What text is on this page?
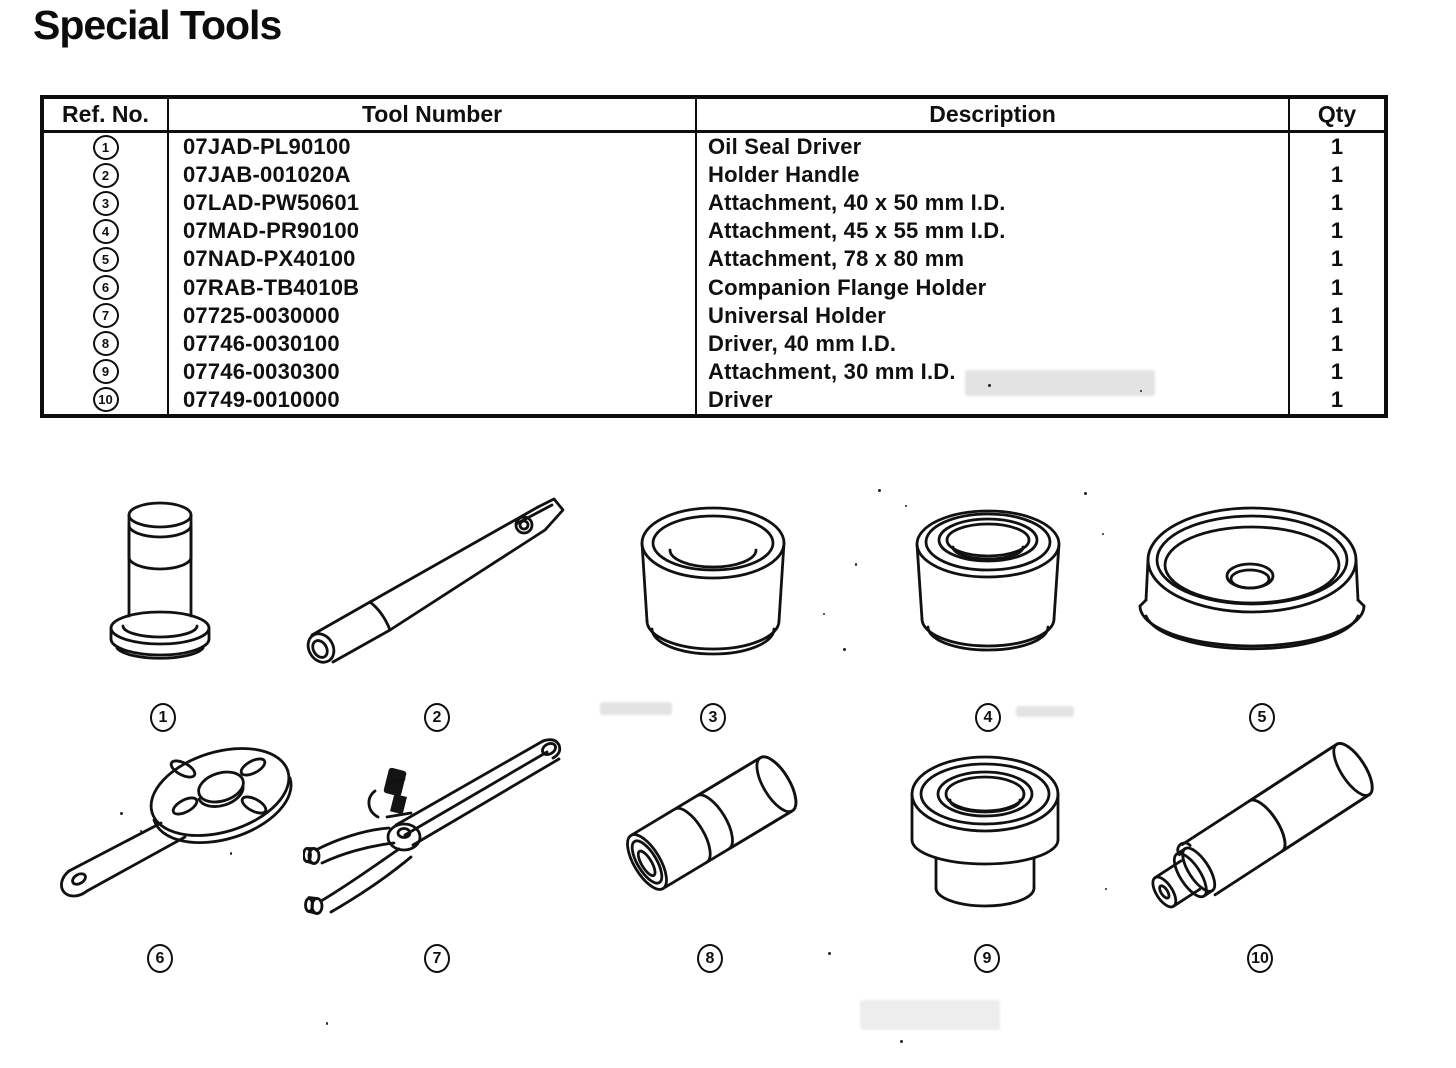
Special Tools
Ref. No.	Tool Number	Description	Qty
1	07JAD-PL90100	Oil Seal Driver	1
2	07JAB-001020A	Holder Handle	1
3	07LAD-PW50601	Attachment, 40 x 50 mm I.D.	1
4	07MAD-PR90100	Attachment, 45 x 55 mm I.D.	1
5	07NAD-PX40100	Attachment, 78 x 80 mm	1
6	07RAB-TB4010B	Companion Flange Holder	1
7	07725-0030000	Universal Holder	1
8	07746-0030100	Driver, 40 mm I.D.	1
9	07746-0030300	Attachment, 30 mm I.D.	1
10	07749-0010000	Driver	1
1	2	3	4	5
6	7	8	9	10
